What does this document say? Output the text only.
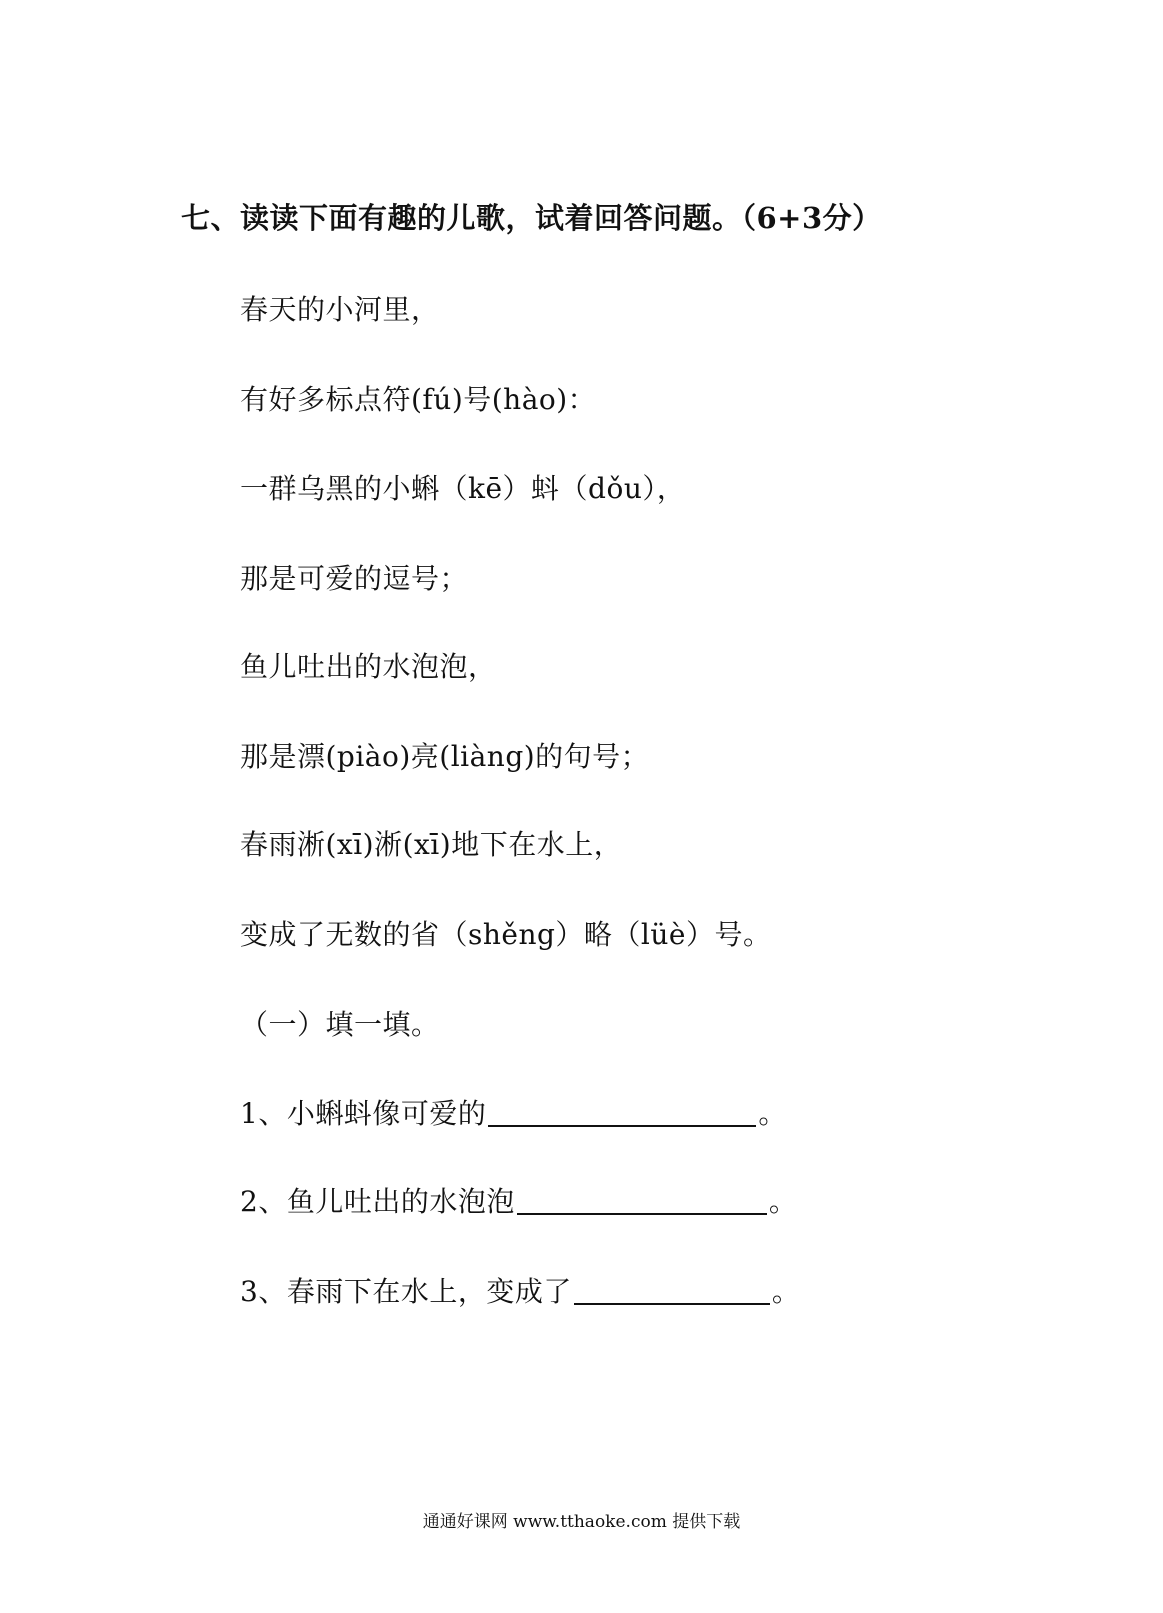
七、读读下面有趣的儿歌，试着回答问题。（6+3分）
春天的小河里，
有好多标点符(fú)号(hào)：
一群乌黑的小蝌（kē）蚪（dǒu），
那是可爱的逗号；
鱼儿吐出的水泡泡，
那是漂(piào)亮(liàng)的句号；
春雨淅(xī)淅(xī)地下在水上，
变成了无数的省（shěng）略（lüè）号。
（一）填一填。
1、小蝌蚪像可爱的	。
2、鱼儿吐出的水泡泡	。
3、春雨下在水上，变成了	。
通通好课网 www.tthaoke.com 提供下载
